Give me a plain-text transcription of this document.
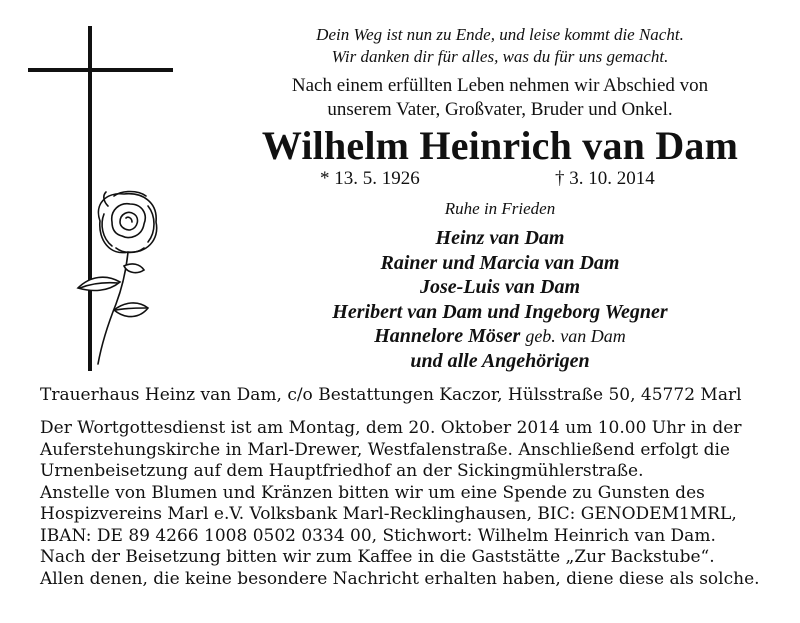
Dein Weg ist nun zu Ende, und leise kommt die Nacht.
Wir danken dir für alles, was du für uns gemacht.
Nach einem erfüllten Leben nehmen wir Abschied von
unserem Vater, Großvater, Bruder und Onkel.
Wilhelm Heinrich van Dam
* 13. 5. 1926	† 3. 10. 2014
Ruhe in Frieden
Heinz van Dam
Rainer und Marcia van Dam
Jose-Luis van Dam
Heribert van Dam und Ingeborg Wegner
Hannelore Möser geb. van Dam
und alle Angehörigen
Trauerhaus Heinz van Dam, c/o Bestattungen Kaczor, Hülsstraße 50, 45772 Marl
Der Wortgottesdienst ist am Montag, dem 20. Oktober 2014 um 10.00 Uhr in der
Auferstehungskirche in Marl-Drewer, Westfalenstraße. Anschließend erfolgt die
Urnenbeisetzung auf dem Hauptfriedhof an der Sickingmühlerstraße.
Anstelle von Blumen und Kränzen bitten wir um eine Spende zu Gunsten des
Hospizvereins Marl e.V. Volksbank Marl-Recklinghausen, BIC: GENODEM1MRL,
IBAN: DE 89 4266 1008 0502 0334 00, Stichwort: Wilhelm Heinrich van Dam.
Nach der Beisetzung bitten wir zum Kaffee in die Gaststätte „Zur Backstube“.
Allen denen, die keine besondere Nachricht erhalten haben, diene diese als solche.
